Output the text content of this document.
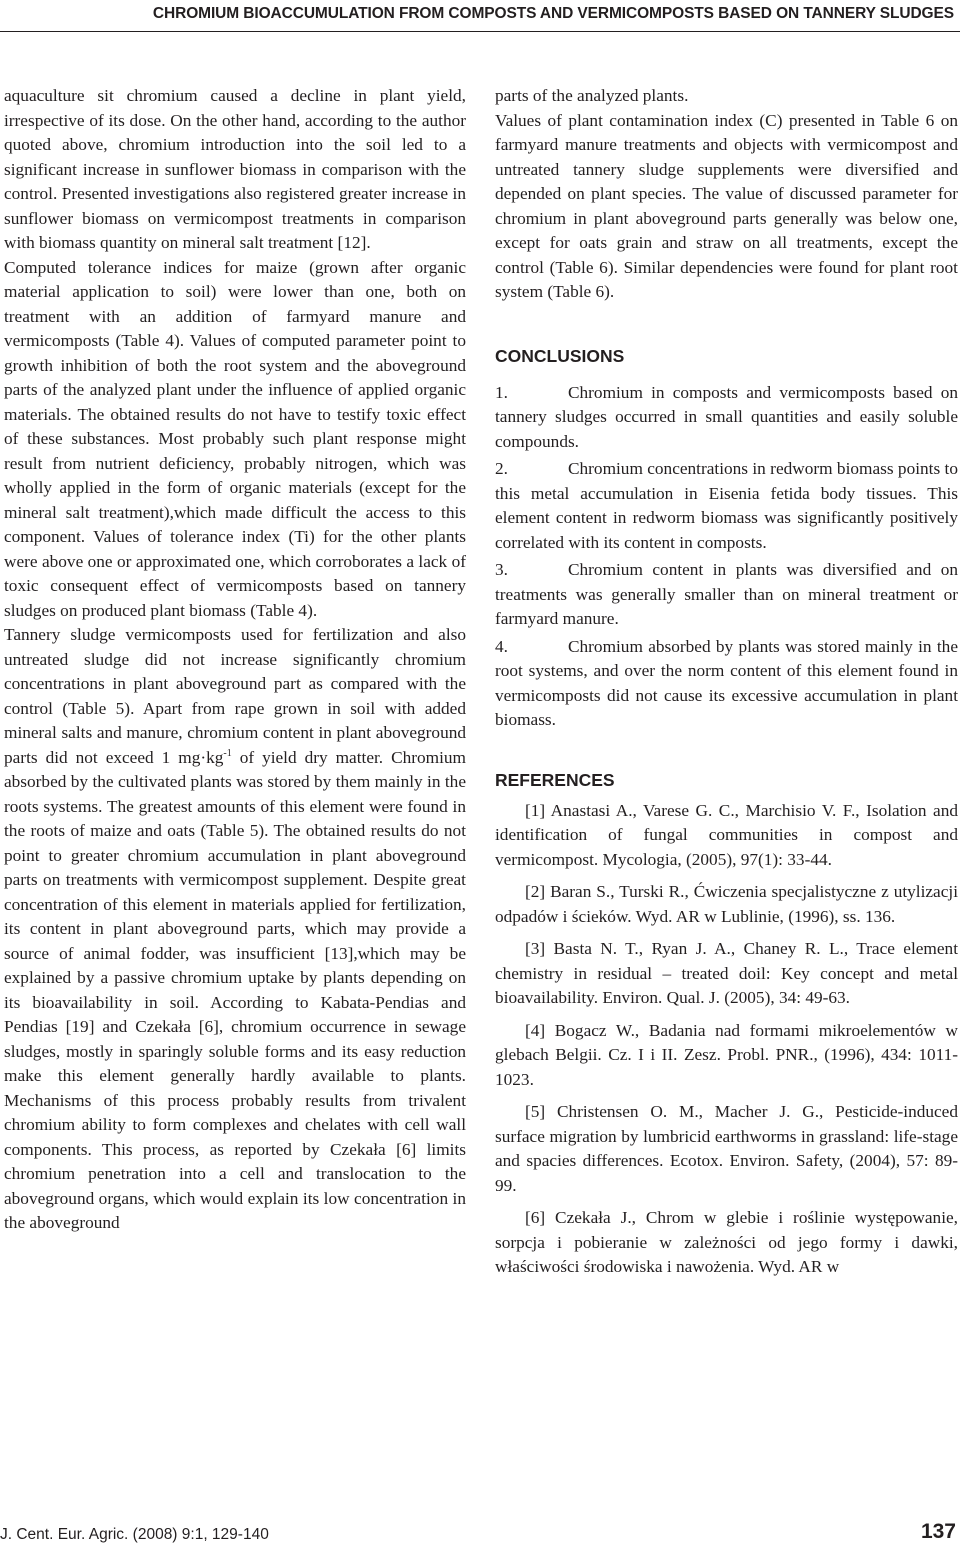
CHROMIUM BIOACCUMULATION FROM COMPOSTS AND VERMICOMPOSTS BASED ON TANNERY SLUDGES

aquaculture sit chromium caused a decline in plant yield, irrespective of its dose. On the other hand, according to the author quoted above, chromium introduction into the soil led to a significant increase in sunflower biomass in comparison with the control. Presented investigations also registered greater increase in sunflower biomass on vermicompost treatments in comparison with biomass quantity on mineral salt treatment [12].

Computed tolerance indices for maize (grown after organic material application to soil) were lower than one, both on treatment with an addition of farmyard manure and vermicomposts (Table 4). Values of computed parameter point to growth inhibition of both the root system and the aboveground parts of the analyzed plant under the influence of applied organic materials. The obtained results do not have to testify toxic effect of these substances. Most probably such plant response might result from nutrient deficiency, probably nitrogen, which was wholly applied in the form of organic materials (except for the mineral salt treatment),which made difficult the access to this component. Values of tolerance index (Ti) for the other plants were above one or approximated one, which corroborates a lack of toxic consequent effect of vermicomposts based on tannery sludges on produced plant biomass (Table 4).

Tannery sludge vermicomposts used for fertilization and also untreated sludge did not increase significantly chromium concentrations in plant aboveground part as compared with the control (Table 5). Apart from rape grown in soil with added mineral salts and manure, chromium content in plant aboveground parts did not exceed 1 $mg\cdot kg^{-1}$ of yield dry matter. Chromium absorbed by the cultivated plants was stored by them mainly in the roots systems. The greatest amounts of this element were found in the roots of maize and oats (Table 5). The obtained results do not point to greater chromium accumulation in plant aboveground parts on treatments with vermicompost supplement. Despite great concentration of this element in materials applied for fertilization, its content in plant aboveground parts, which may provide a source of animal fodder, was insufficient [13],which may be explained by a passive chromium uptake by plants depending on its bioavailability in soil. According to Kabata-Pendias and Pendias [19] and Czekała [6], chromium occurrence in sewage sludges, mostly in sparingly soluble forms and its easy reduction make this element generally hardly available to plants. Mechanisms of this process probably results from trivalent chromium ability to form complexes and chelates with cell wall components. This process, as reported by Czekała [6] limits chromium penetration into a cell and translocation to the aboveground organs, which would explain its low concentration in the aboveground

parts of the analyzed plants.

Values of plant contamination index (C) presented in Table 6 on farmyard manure treatments and objects with vermicompost and untreated tannery sludge supplements were diversified and depended on plant species. The value of discussed parameter for chromium in plant aboveground parts generally was below one, except for oats grain and straw on all treatments, except the control (Table 6). Similar dependencies were found for plant root system (Table 6).

CONCLUSIONS

1.	Chromium in composts and vermicomposts based on tannery sludges occurred in small quantities and easily soluble compounds.

2.	Chromium concentrations in redworm biomass points to this metal accumulation in Eisenia fetida body tissues. This element content in redworm biomass was significantly positively correlated with its content in composts.

3.	Chromium content in plants was diversified and on treatments was generally smaller than on mineral treatment or farmyard manure.

4.	Chromium absorbed by plants was stored mainly in the root systems, and over the norm content of this element found in vermicomposts did not cause its excessive accumulation in plant biomass.

REFERENCES

[1] Anastasi A., Varese G. C., Marchisio V. F., Isolation and identification of fungal communities in compost and vermicompost. Mycologia, (2005), 97(1): 33-44.

[2] Baran S., Turski R., Ćwiczenia specjalistyczne z utylizacji odpadów i ścieków. Wyd. AR w Lublinie, (1996), ss. 136.

[3] Basta N. T., Ryan J. A., Chaney R. L., Trace element chemistry in residual – treated doil: Key concept and metal bioavailability. Environ. Qual. J. (2005), 34: 49-63.

[4] Bogacz W., Badania nad formami mikroelementów w glebach Belgii. Cz. I i II. Zesz. Probl. PNR., (1996), 434: 1011-1023.

[5] Christensen O. M., Macher J. G., Pesticide-induced surface migration by lumbricid earthworms in grassland: life-stage and spacies differences. Ecotox. Environ. Safety, (2004), 57: 89-99.

[6] Czekała J., Chrom w glebie i roślinie występowanie, sorpcja i pobieranie w zależności od jego formy i dawki, właściwości środowiska i nawożenia. Wyd. AR w

J. Cent. Eur. Agric. (2008) 9:1, 129-140	137
